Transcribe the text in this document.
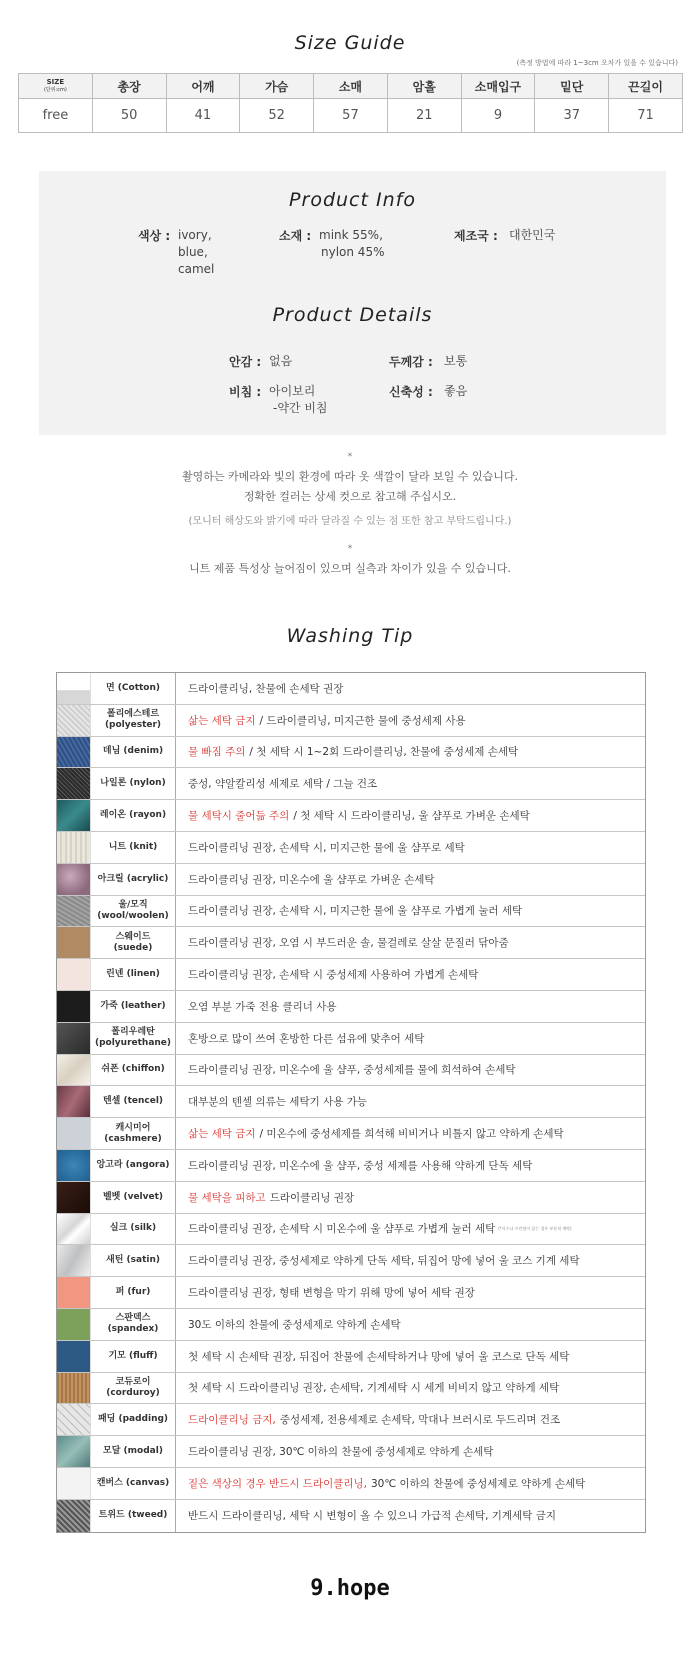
Size Guide
(측정 방법에 따라 1~3cm 오차가 있을 수 있습니다)
SIZE
(단위:cm)	총장	어깨	가슴	소매	암홀	소매입구	밑단	끈길이
free	50	41	52	57	21	9	37	71
Product Info
색상 : ivory,
blue,
camel
소재 : mink 55%,
nylon 45%
제조국 : 대한민국
Product Details
안감 : 없음	두께감 : 보통
비침 : 아이보리
-약간 비침
신축성 : 좋음
*
촬영하는 카메라와 빛의 환경에 따라 옷 색깔이 달라 보일 수 있습니다.
정확한 컬러는 상세 컷으로 참고해 주십시오.
(모니터 해상도와 밝기에 따라 달라질 수 있는 점 또한 참고 부탁드립니다.)
*
니트 제품 특성상 늘어짐이 있으며 실측과 차이가 있을 수 있습니다.
Washing Tip
면 (Cotton)	드라이클리닝, 찬물에 손세탁 권장
폴리에스테르
(polyester)	삶는 세탁 금지 / 드라이클리닝, 미지근한 물에 중성세제 사용
데님 (denim) 물 빠짐 주의 / 첫 세탁 시 1~2회 드라이클리닝, 찬물에 중성세제 손세탁
나일론 (nylon) 중성, 약알칼리성 세제로 세탁 / 그늘 건조
레이온 (rayon) 물 세탁시 줄어듦 주의 / 첫 세탁 시 드라이클리닝, 울 샴푸로 가벼운 손세탁
니트 (knit)	드라이클리닝 권장, 손세탁 시, 미지근한 물에 울 샴푸로 세탁
아크릴 (acrylic) 드라이클리닝 권장, 미온수에 울 샴푸로 가벼운 손세탁
울/모직
(wool/woolen) 드라이클리닝 권장, 손세탁 시, 미지근한 물에 울 샴푸로 가볍게 눌러 세탁
스웨이드
(suede)	드라이클리닝 권장, 오염 시 부드러운 솔, 물걸레로 살살 문질러 닦아줌
린넨 (linen)	드라이클리닝 권장, 손세탁 시 중성세제 사용하여 가볍게 손세탁
가죽 (leather) 오염 부분 가죽 전용 클리너 사용
폴리우레탄
(polyurethane) 혼방으로 많이 쓰여 혼방한 다른 섬유에 맞추어 세탁
쉬폰 (chiffon) 드라이클리닝 권장, 미온수에 울 샴푸, 중성세제를 물에 희석하여 손세탁
텐셀 (tencel) 대부분의 텐셀 의류는 세탁기 사용 가능
캐시미어
(cashmere)	삶는 세탁 금지 / 미온수에 중성세제를 희석해 비비거나 비틀지 않고 약하게 손세탁
앙고라 (angora) 드라이클리닝 권장, 미온수에 울 샴푸, 중성 세제를 사용해 약하게 단독 세탁
벨벳 (velvet) 물 세탁을 피하고 드라이클리닝 권장
실크 (silk)	드라이클리닝 권장, 손세탁 시 미온수에 울 샴푸로 가볍게 눌러 세탁 (*자수나 프린팅이 있는 경우 부분적 세탁)
새틴 (satin)	드라이클리닝 권장, 중성세제로 약하게 단독 세탁, 뒤집어 망에 넣어 울 코스 기계 세탁
퍼 (fur)	드라이클리닝 권장, 형태 변형을 막기 위해 망에 넣어 세탁 권장
스판덱스
(spandex)	30도 이하의 찬물에 중성세제로 약하게 손세탁
기모 (fluff)	첫 세탁 시 손세탁 권장, 뒤집어 찬물에 손세탁하거나 망에 넣어 울 코스로 단독 세탁
코듀로이
(corduroy)	첫 세탁 시 드라이클리닝 권장, 손세탁, 기계세탁 시 세게 비비지 않고 약하게 세탁
패딩 (padding) 드라이클리닝 금지, 중성세제, 전용세제로 손세탁, 막대나 브러시로 두드리며 건조
모달 (modal) 드라이클리닝 권장, 30℃ 이하의 찬물에 중성세제로 약하게 손세탁
캔버스 (canvas) 짙은 색상의 경우 반드시 드라이클리닝, 30℃ 이하의 찬물에 중성세제로 약하게 손세탁
트위드 (tweed) 반드시 드라이클리닝, 세탁 시 변형이 올 수 있으니 가급적 손세탁, 기계세탁 금지
9.hope
